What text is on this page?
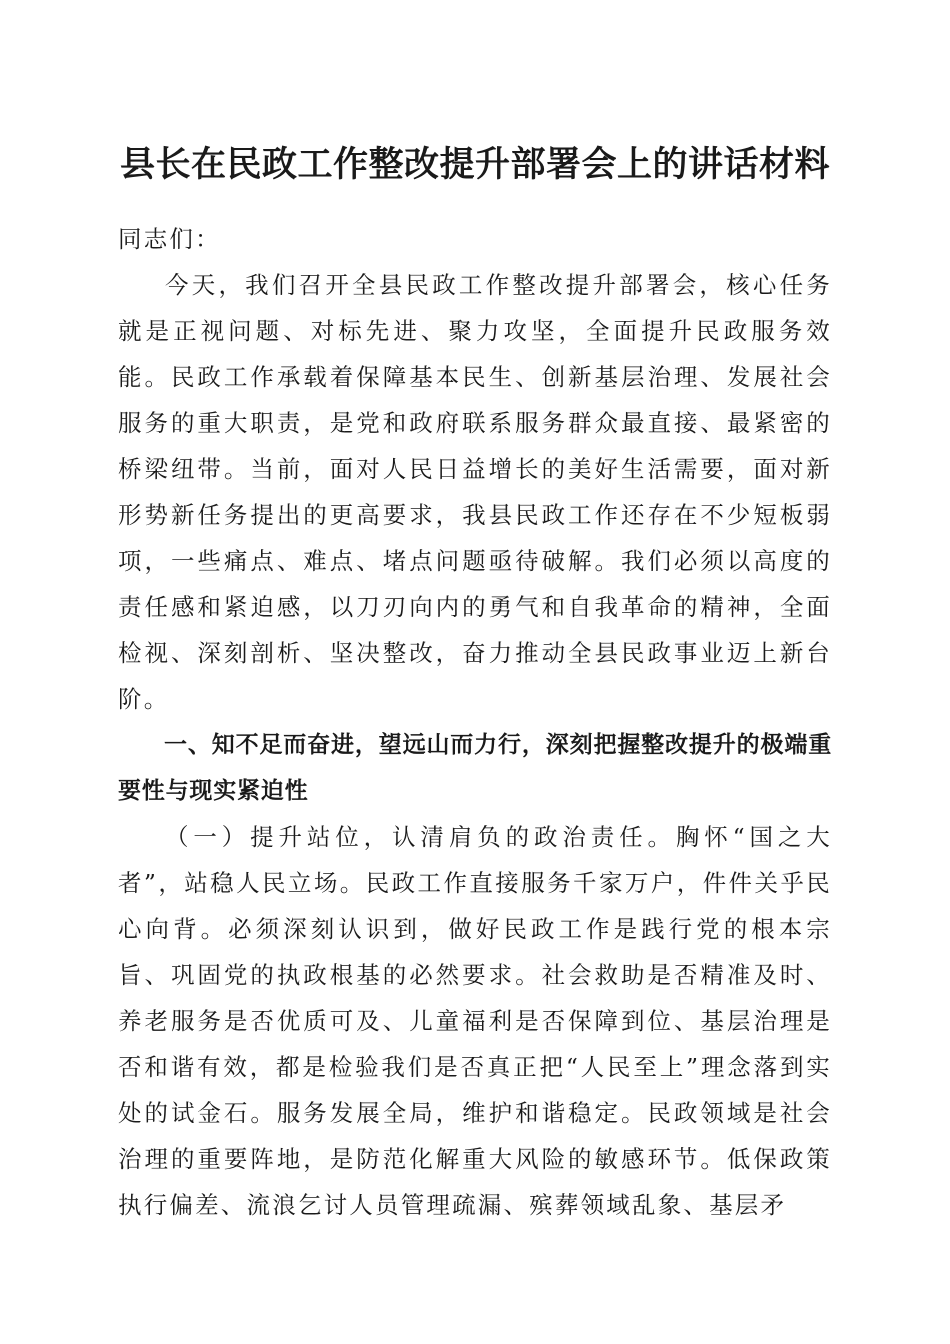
县长在民政工作整改提升部署会上的讲话材料

同志们：

今天，我们召开全县民政工作整改提升部署会，核心任务就是正视问题、对标先进、聚力攻坚，全面提升民政服务效能。民政工作承载着保障基本民生、创新基层治理、发展社会服务的重大职责，是党和政府联系服务群众最直接、最紧密的桥梁纽带。当前，面对人民日益增长的美好生活需要，面对新形势新任务提出的更高要求，我县民政工作还存在不少短板弱项，一些痛点、难点、堵点问题亟待破解。我们必须以高度的责任感和紧迫感，以刀刃向内的勇气和自我革命的精神，全面检视、深刻剖析、坚决整改，奋力推动全县民政事业迈上新台阶。

一、知不足而奋进，望远山而力行，深刻把握整改提升的极端重要性与现实紧迫性

（一）提升站位，认清肩负的政治责任。胸怀“国之大者”，站稳人民立场。民政工作直接服务千家万户，件件关乎民心向背。必须深刻认识到，做好民政工作是践行党的根本宗旨、巩固党的执政根基的必然要求。社会救助是否精准及时、养老服务是否优质可及、儿童福利是否保障到位、基层治理是否和谐有效，都是检验我们是否真正把“人民至上”理念落到实处的试金石。服务发展全局，维护和谐稳定。民政领域是社会治理的重要阵地，是防范化解重大风险的敏感环节。低保政策执行偏差、流浪乞讨人员管理疏漏、殡葬领域乱象、基层矛
